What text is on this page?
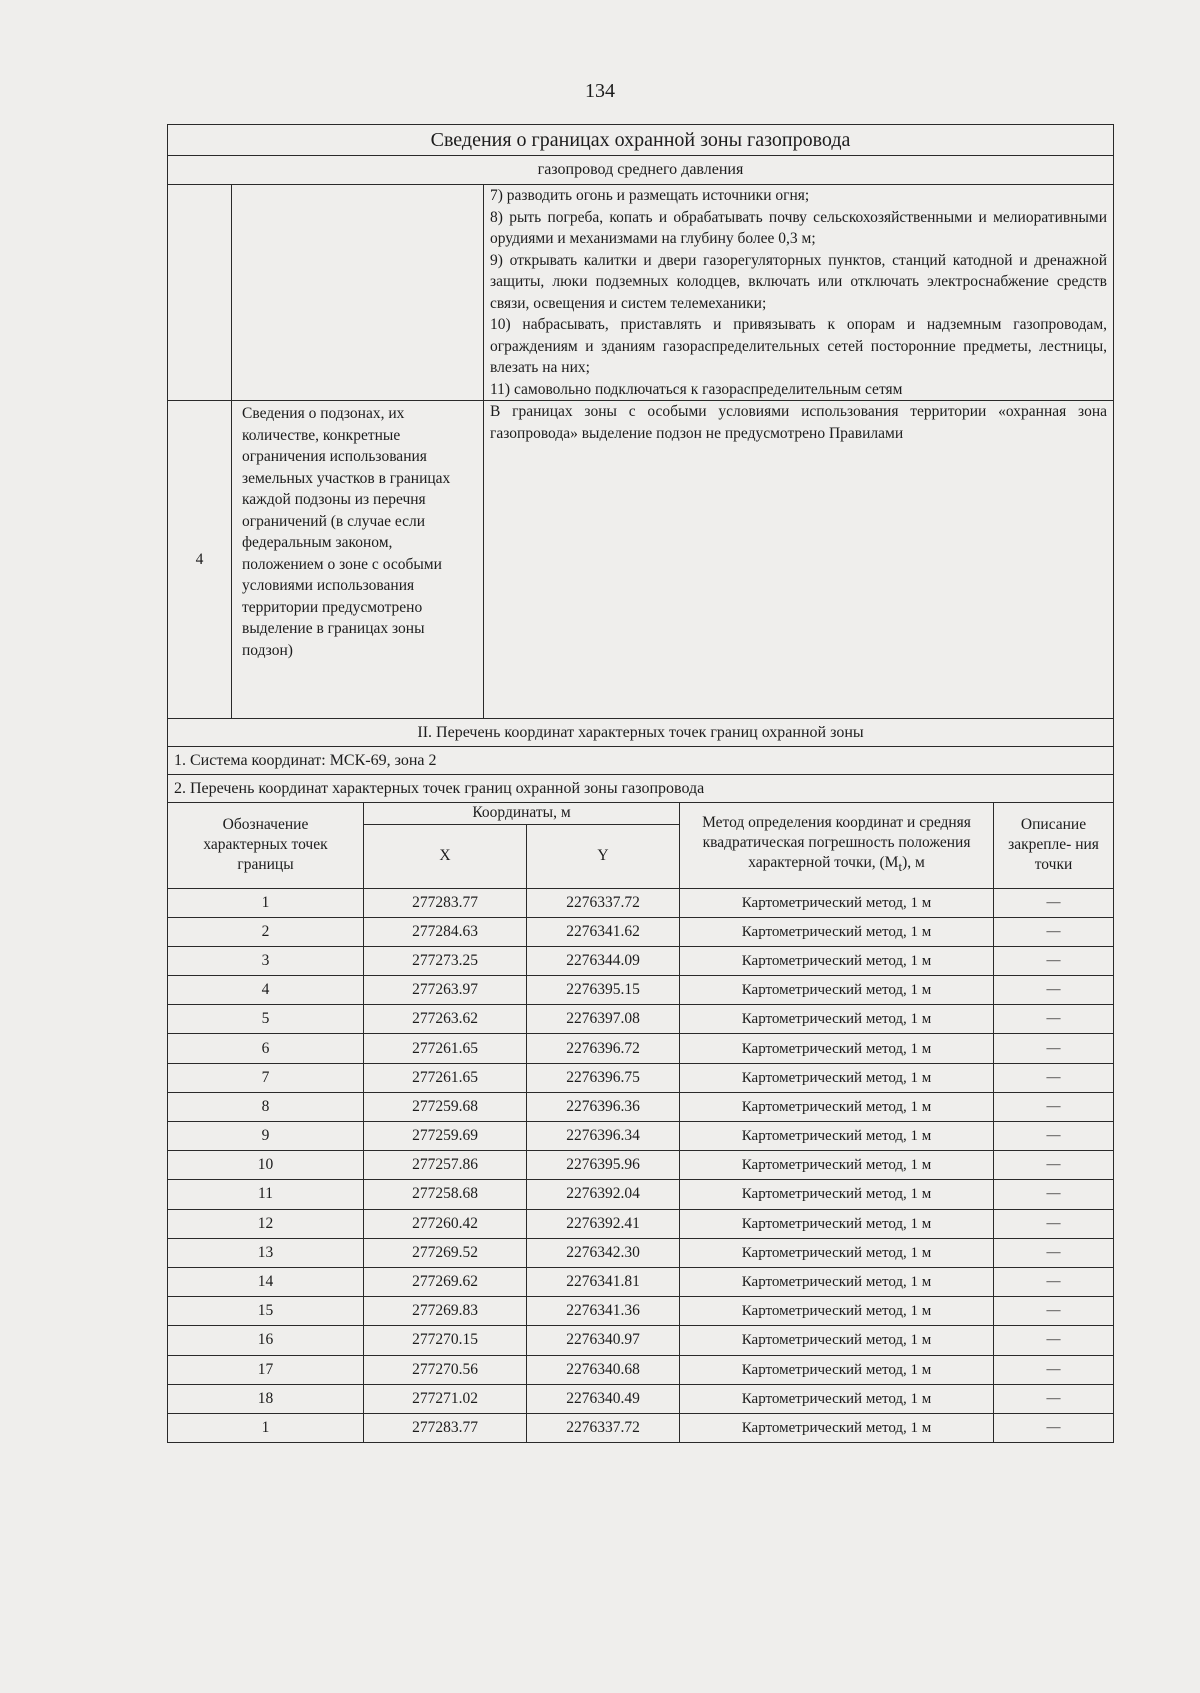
134
Сведения о границах охранной зоны газопровода		
газопровод среднего давления		

		7) разводить огонь и размещать источники огня;
8) рыть погреба, копать и обрабатывать почву сельскохозяйственными и мелиоративными орудиями и механизмами на глубину более 0,3 м;
9) открывать калитки и двери газорегуляторных пунктов, станций катодной и дренажной защиты, люки подземных колодцев, включать или отключать электроснабжение средств связи, освещения и систем телемеханики;
10) набрасывать, приставлять и привязывать к опорам и надземным газопроводам, ограждениям и зданиям газораспределительных сетей посторонние предметы, лестницы, влезать на них;
11) самовольно подключаться к газораспределительным сетям

4	Сведения о подзонах, их количестве, конкретные ограничения использования земельных участков в границах каждой подзоны из перечня ограничений (в случае если федеральным законом, положением о зоне с особыми условиями использования территории предусмотрено выделение в границах зоны подзон)	В границах зоны с особыми условиями использования территории «охранная зона газопровода» выделение подзон не предусмотрено Правилами
II. Перечень координат характерных точек границ охранной зоны		
1. Система координат: МСК-69, зона 2		
2. Перечень координат характерных точек границ охранной зоны газопровода		
Обозначение характерных точек границы	Координаты, м		Метод определения координат и средняя квадратическая погрешность положения характерной точки, $(M_t)$, м	Описание закрепле- ния точки
	X	Y		
1	277283.77	2276337.72	Картометрический метод, 1 м	—
2	277284.63	2276341.62	Картометрический метод, 1 м	—
3	277273.25	2276344.09	Картометрический метод, 1 м	—
4	277263.97	2276395.15	Картометрический метод, 1 м	—
5	277263.62	2276397.08	Картометрический метод, 1 м	—
6	277261.65	2276396.72	Картометрический метод, 1 м	—
7	277261.65	2276396.75	Картометрический метод, 1 м	—
8	277259.68	2276396.36	Картометрический метод, 1 м	—
9	277259.69	2276396.34	Картометрический метод, 1 м	—
10	277257.86	2276395.96	Картометрический метод, 1 м	—
11	277258.68	2276392.04	Картометрический метод, 1 м	—
12	277260.42	2276392.41	Картометрический метод, 1 м	—
13	277269.52	2276342.30	Картометрический метод, 1 м	—
14	277269.62	2276341.81	Картометрический метод, 1 м	—
15	277269.83	2276341.36	Картометрический метод, 1 м	—
16	277270.15	2276340.97	Картометрический метод, 1 м	—
17	277270.56	2276340.68	Картометрический метод, 1 м	—
18	277271.02	2276340.49	Картометрический метод, 1 м	—
1	277283.77	2276337.72	Картометрический метод, 1 м	—
